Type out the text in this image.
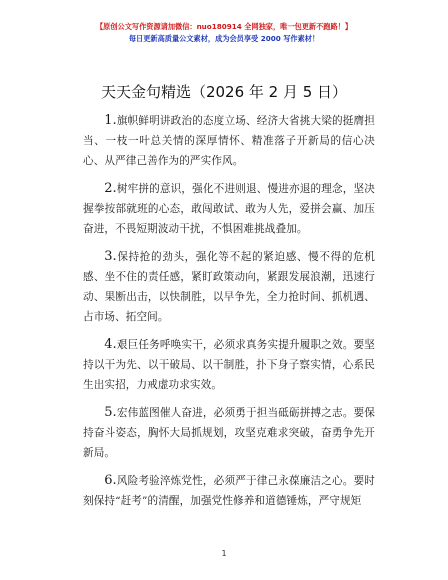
【原创公文写作资源请加微信：nuo180914 全网独家，唯一包更新不跑路！】
每日更新高质量公文素材，成为会员享受 2000 写作素材！
天天金句精选（2026 年 2 月 5 日）

1.旗帜鲜明讲政治的态度立场、经济大省挑大梁的挺膺担当、一枝一叶总关情的深厚情怀、精准落子开新局的信心决心、从严律己善作为的严实作风。

2.树牢拼的意识，强化不进则退、慢进亦退的理念，坚决握拳按部就班的心态，敢闯敢试、敢为人先，爱拼会赢、加压奋进，不畏短期波动干扰，不惧困难挑战叠加。

3.保持抢的劲头，强化等不起的紧迫感、慢不得的危机感、坐不住的责任感，紧盯政策动向，紧跟发展浪潮，迅速行动、果断出击，以快制胜，以早争先，全力抢时间、抓机遇、占市场、拓空间。

4.艰巨任务呼唤实干，必须求真务实提升履职之效。要坚持以干为先、以干破局、以干制胜，扑下身子察实情，心系民生出实招，力戒虚功求实效。

5.宏伟蓝图催人奋进，必须勇于担当砥砺拼搏之志。要保持奋斗姿态，胸怀大局抓规划，攻坚克难求突破，奋勇争先开新局。

6.风险考验淬炼党性，必须严于律己永葆廉洁之心。要时刻保持“赶考”的清醒，加强党性修养和道德锤炼，严守规矩

1
